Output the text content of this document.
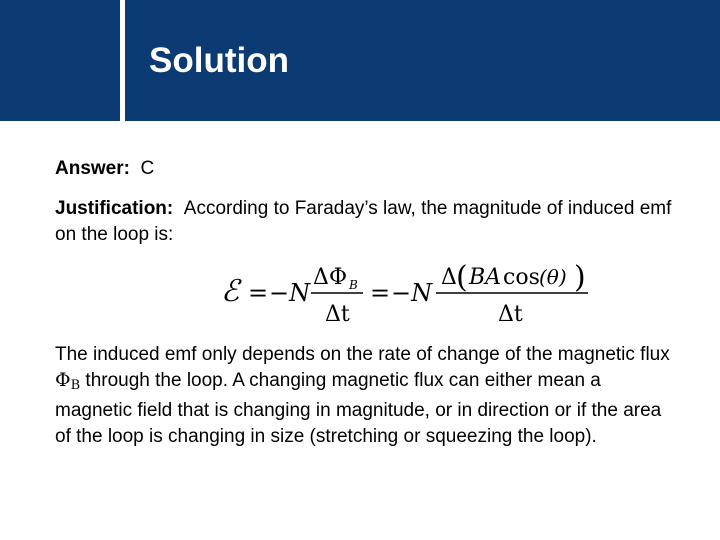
Solution
Answer: C
Justification: According to Faraday’s law, the magnitude of induced emf on the loop is:
ℰ = −N
Δ Φ B
Δt
= −N
Δ ( BA cos (θ) )
Δt
The induced emf only depends on the rate of change of the magnetic flux $\Phi_B$ through the loop. A changing magnetic flux can either mean a magnetic field that is changing in magnitude, or in direction or if the area of the loop is changing in size (stretching or squeezing the loop).
